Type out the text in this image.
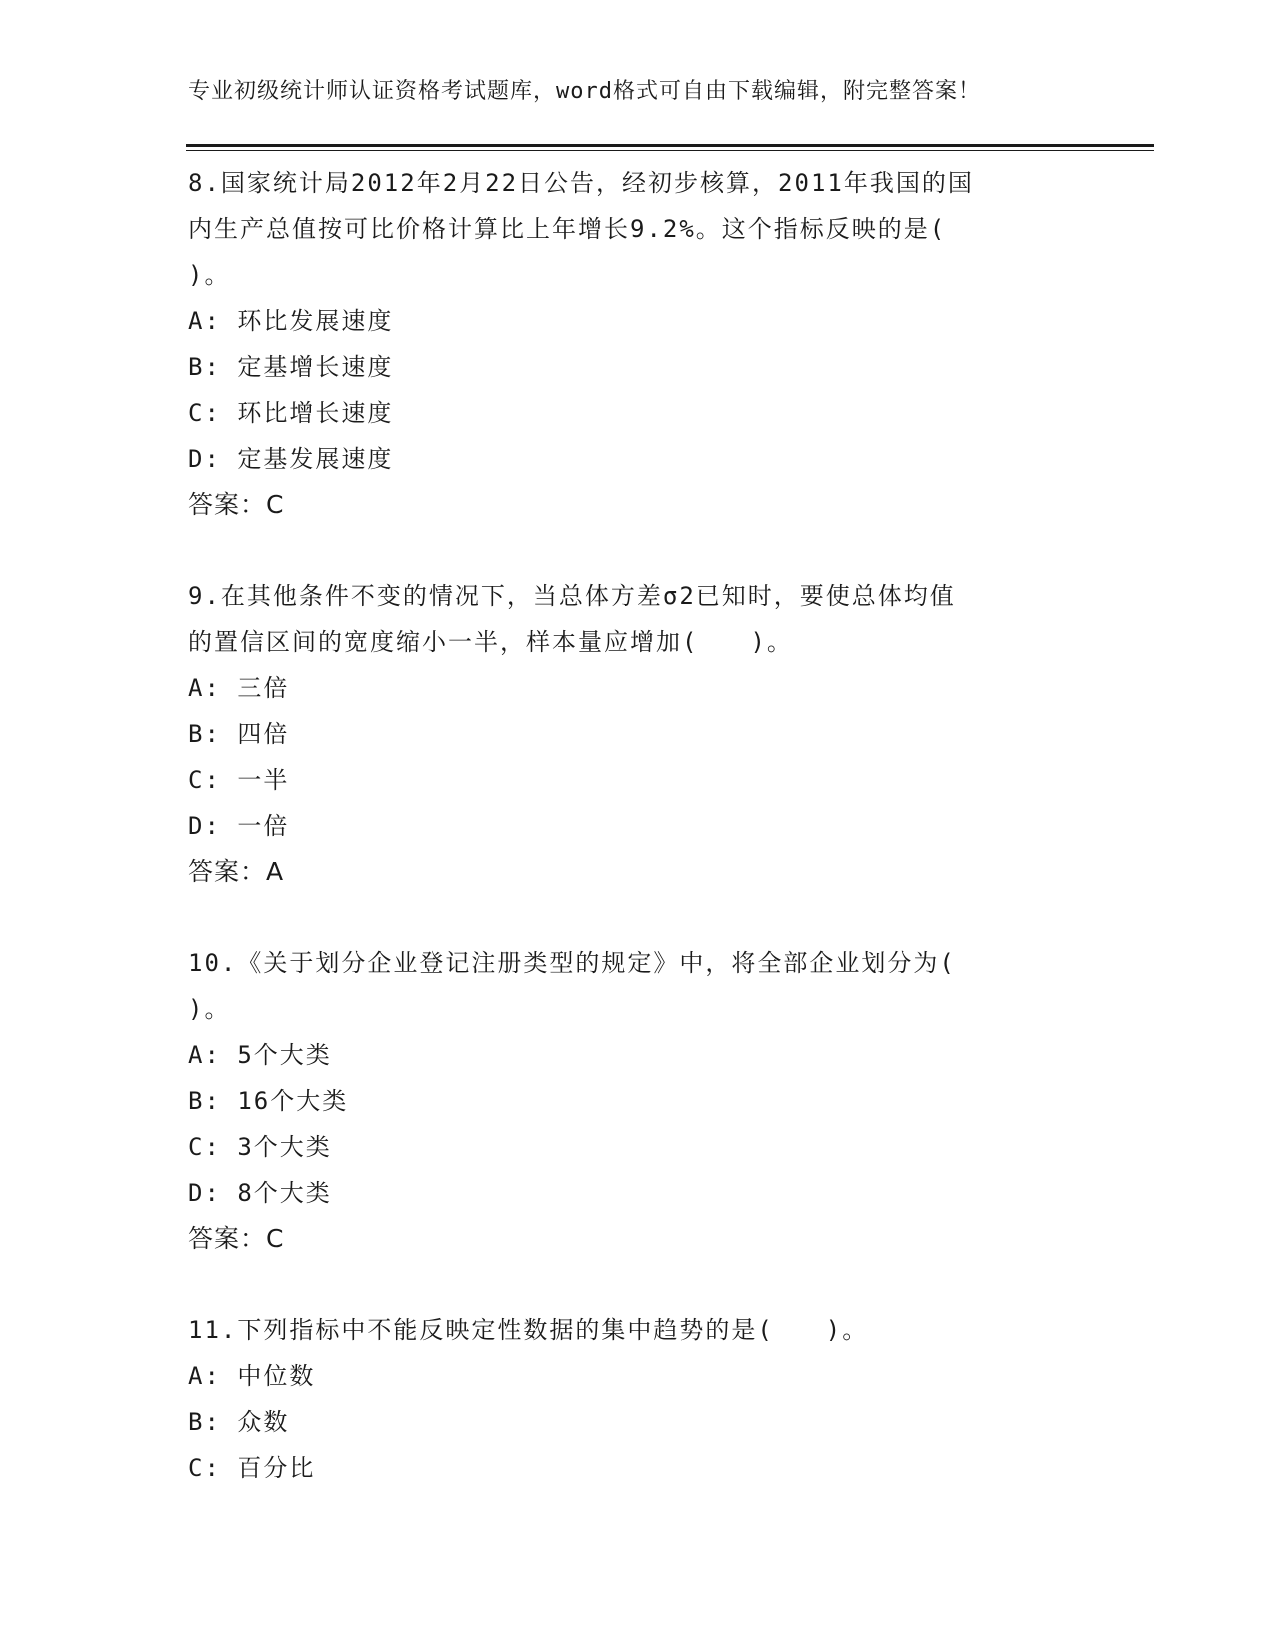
专业初级统计师认证资格考试题库，word格式可自由下载编辑，附完整答案！
8.国家统计局2012年2月22日公告，经初步核算，2011年我国的国
内生产总值按可比价格计算比上年增长9.2%。这个指标反映的是(
)。
A: 环比发展速度
B: 定基增长速度
C: 环比增长速度
D: 定基发展速度
答案：C
9.在其他条件不变的情况下，当总体方差σ2已知时，要使总体均值
的置信区间的宽度缩小一半，样本量应增加(　　)。
A: 三倍
B: 四倍
C: 一半
D: 一倍
答案：A
10.《关于划分企业登记注册类型的规定》中，将全部企业划分为(
)。
A: 5个大类
B: 16个大类
C: 3个大类
D: 8个大类
答案：C
11.下列指标中不能反映定性数据的集中趋势的是(　　)。
A: 中位数
B: 众数
C: 百分比
